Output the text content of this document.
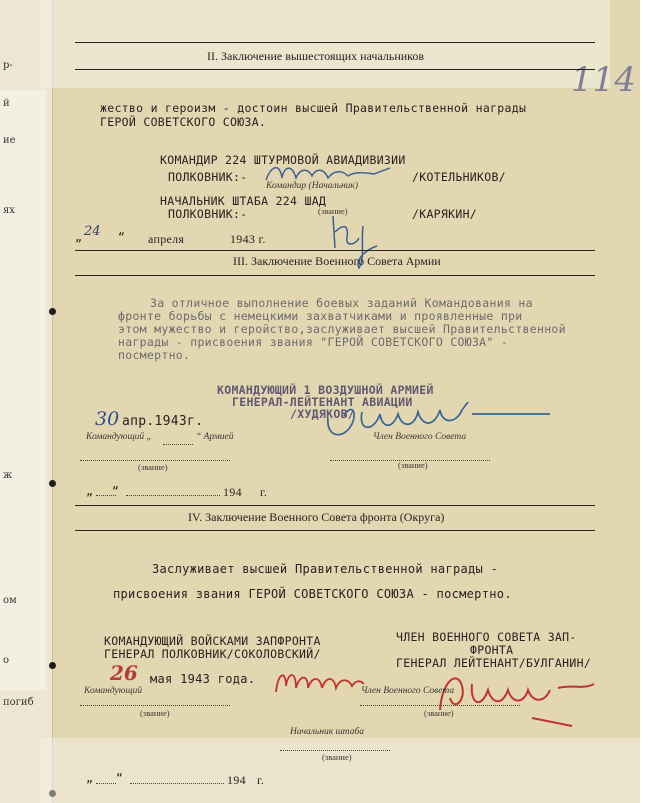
р-
й
ие
ях
ж
ом
о
погиб
114
II. Заключение вышестоящих начальников
жество и героизм - достоин высшей Правительственной награды
ГЕРОЙ СОВЕТСКОГО СОЮЗА.
КОМАНДИР 224 ШТУРМОВОЙ АВИАДИВИЗИИ
ПОЛКОВНИК:-	/КОТЕЛЬНИКОВ/
Командир (Начальник)
НАЧАЛЬНИК ШТАБА 224 ШАД
ПОЛКОВНИК:-	(звание)	/КАРЯКИН/
24
„	“ апреля	1943 г.
III. Заключение Военного Совета Армии
За отличное выполнение боевых заданий Командования на
фронте борьбы с немецкими захватчиками и проявленные при
этом мужество и геройство,заслуживает высшей Правительственной
награды - присвоения звания "ГЕРОЙ СОВЕТСКОГО СОЮЗА" -
посмертно.
КОМАНДУЮЩИЙ 1 ВОЗДУШНОЙ АРМИЕЙ
ГЕНЕРАЛ-ЛЕЙТЕНАНТ АВИАЦИИ
/ХУДЯКОВ/
30 апр.1943г.
Командующий „	“ Армией	Член Военного Совета
(звание)	(звание)
„ “	194 г.
IV. Заключение Военного Совета фронта (Округа)
Заслуживает высшей Правительственной награды -
присвоения звания ГЕРОЙ СОВЕТСКОГО СОЮЗА - посмертно.
КОМАНДУЮЩИЙ ВОЙСКАМИ ЗАПФРОНТА
ГЕНЕРАЛ ПОЛКОВНИК/СОКОЛОВСКИЙ/
ЧЛЕН ВОЕННОГО СОВЕТА ЗАП-
ФРОНТА
ГЕНЕРАЛ ЛЕЙТЕНАНТ/БУЛГАНИН/
26 мая 1943 года.
Командующий	Член Военного Совета
(звание)	(звание)
Начальник штаба
(звание)
„ “	194 г.
